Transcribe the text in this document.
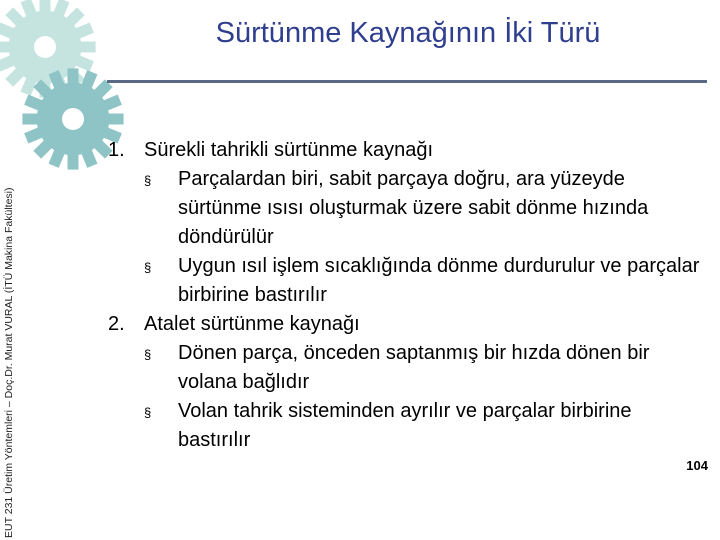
EUT 231 Üretim Yöntemleri – Doç.Dr. Murat VURAL (İTÜ Makina Fakültesi)
Sürtünme Kaynağının İki Türü
1. Sürekli tahrikli sürtünme kaynağı
§ Parçalardan biri, sabit parçaya doğru, ara yüzeyde sürtünme ısısı oluşturmak üzere sabit dönme hızında döndürülür
§ Uygun ısıl işlem sıcaklığında dönme durdurulur ve parçalar birbirine bastırılır
2. Atalet sürtünme kaynağı
§ Dönen parça, önceden saptanmış bir hızda dönen bir volana bağlıdır
§ Volan tahrik sisteminden ayrılır ve parçalar birbirine bastırılır
104
